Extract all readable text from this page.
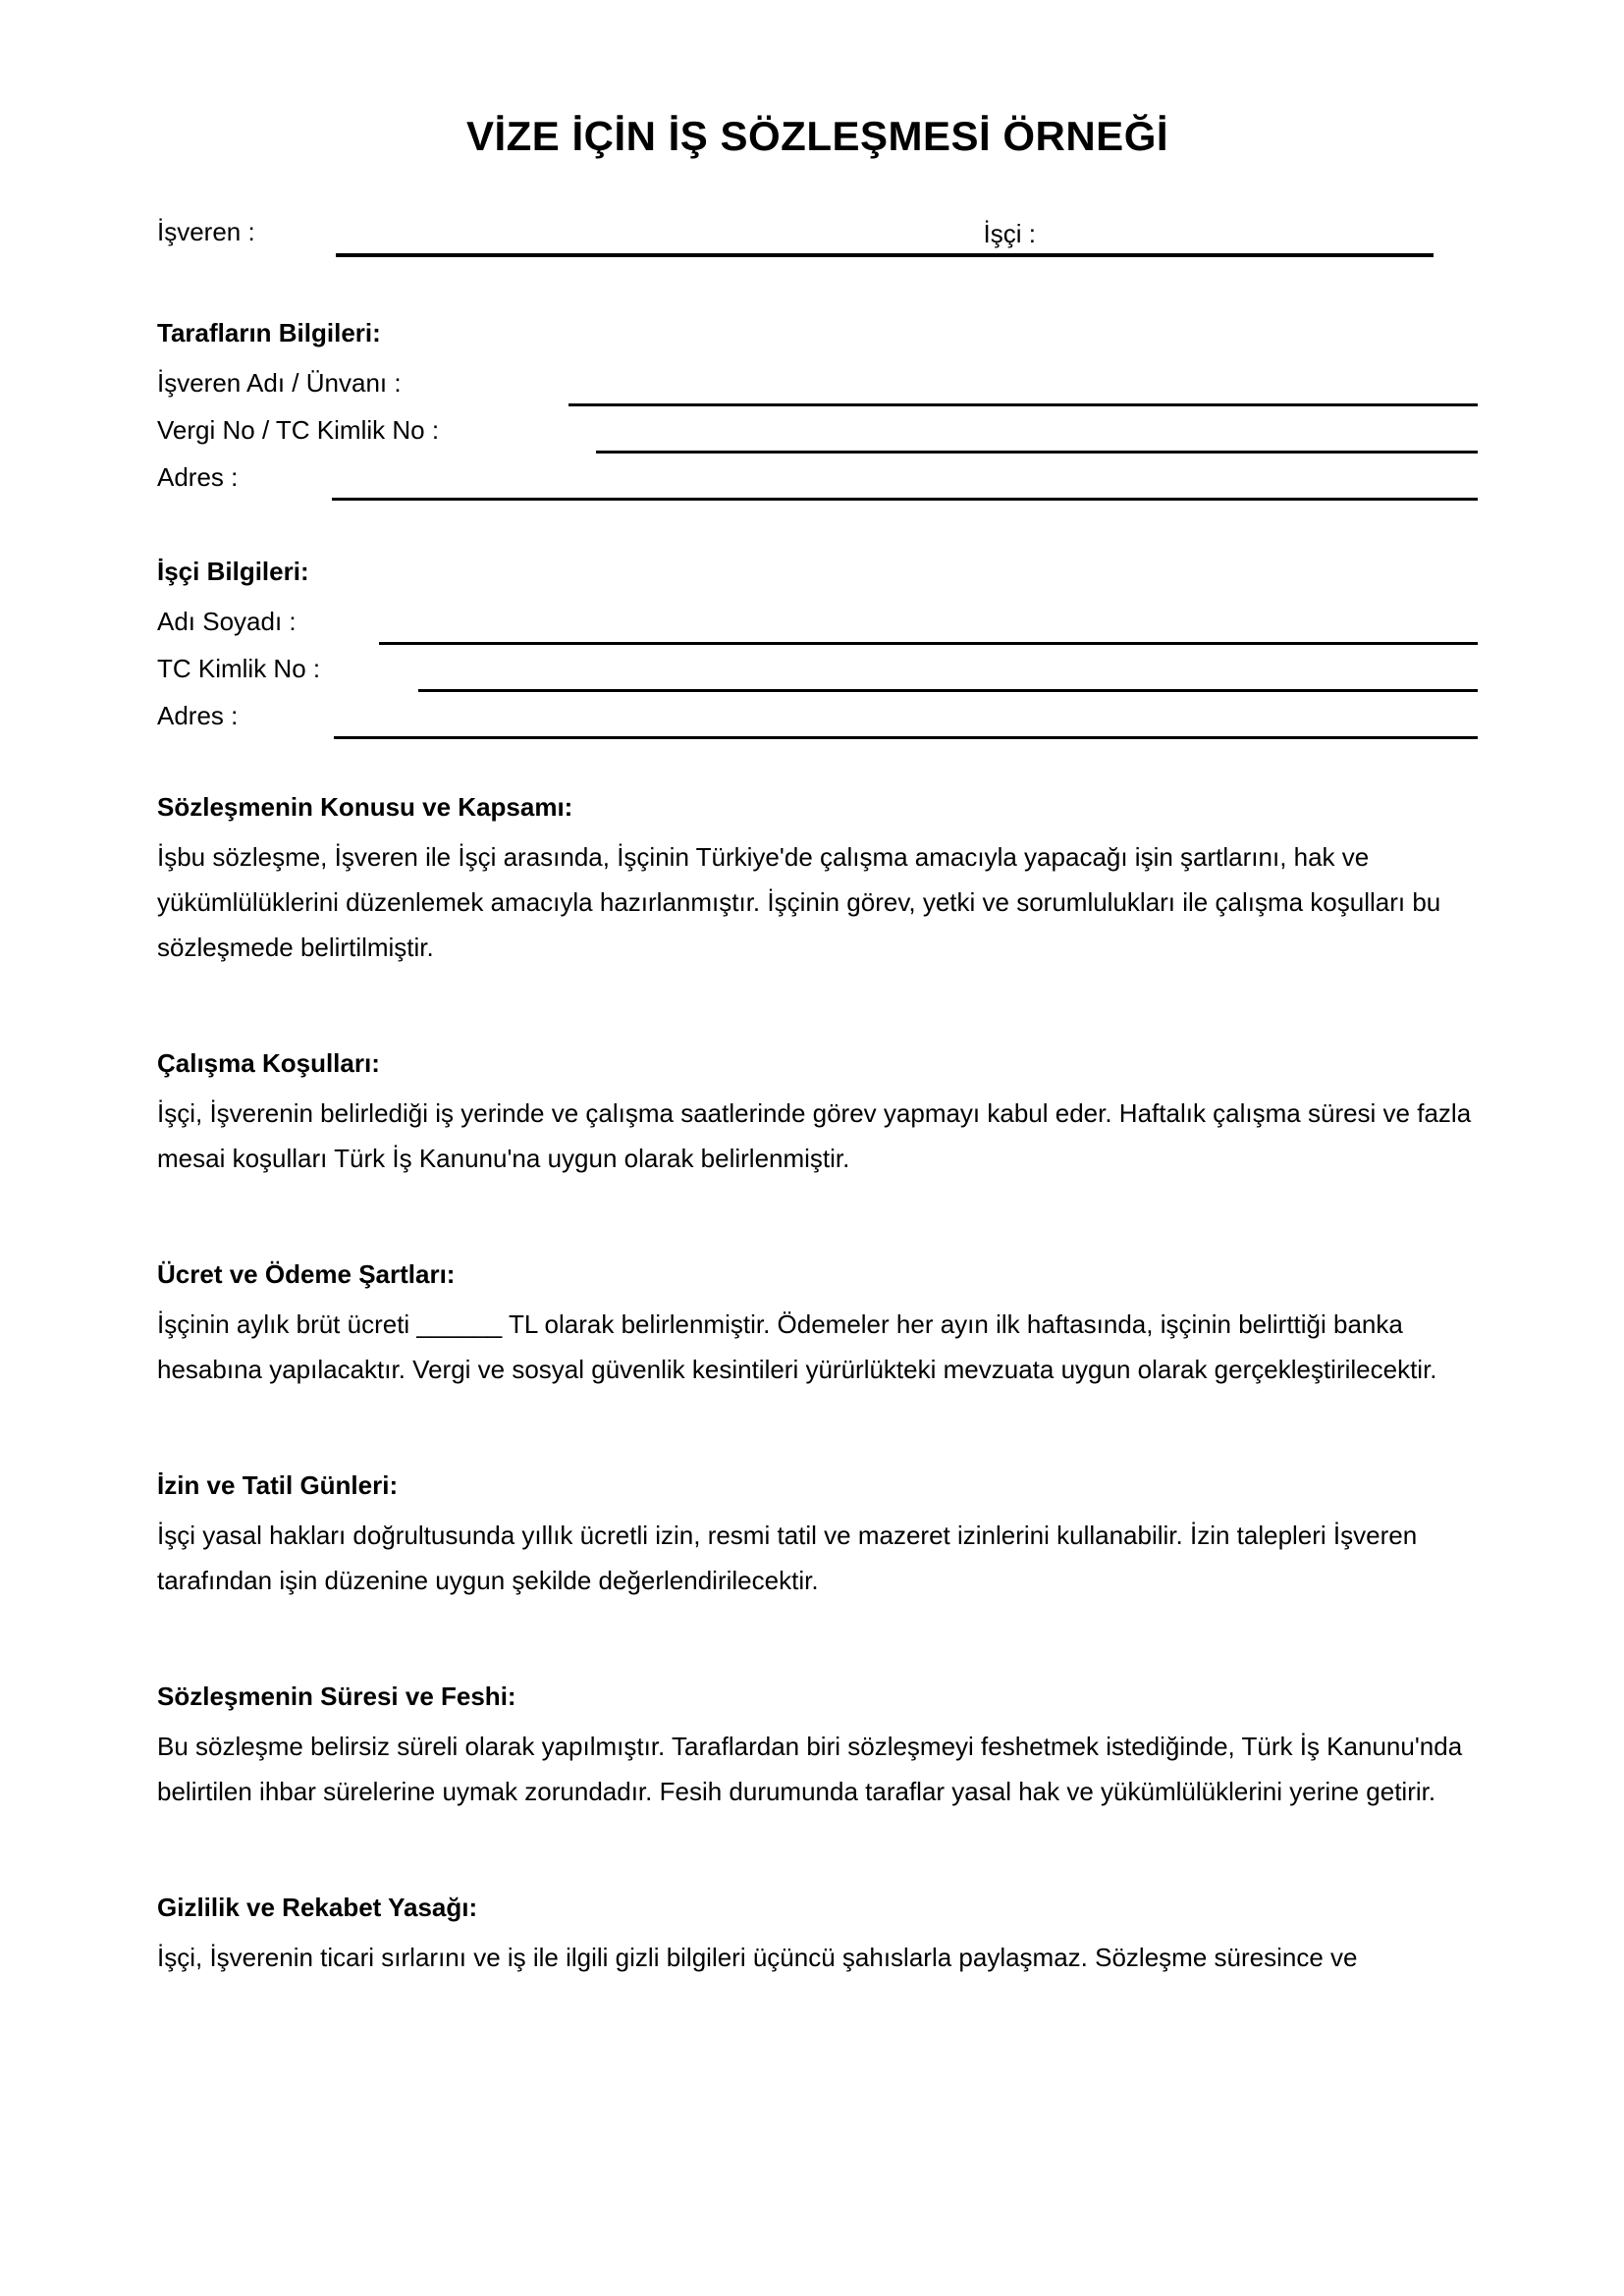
VİZE İÇİN İŞ SÖZLEŞMESİ ÖRNEĞİ
İşveren :	İşçi :
Tarafların Bilgileri:
İşveren Adı / Ünvanı :
Vergi No / TC Kimlik No :
Adres :
İşçi Bilgileri:
Adı Soyadı :
TC Kimlik No :
Adres :
Sözleşmenin Konusu ve Kapsamı:

İşbu sözleşme, İşveren ile İşçi arasında, İşçinin Türkiye'de çalışma amacıyla yapacağı işin şartlarını, hak ve yükümlülüklerini düzenlemek amacıyla hazırlanmıştır. İşçinin görev, yetki ve sorumlulukları ile çalışma koşulları bu sözleşmede belirtilmiştir.

Çalışma Koşulları:

İşçi, İşverenin belirlediği iş yerinde ve çalışma saatlerinde görev yapmayı kabul eder. Haftalık çalışma süresi ve fazla mesai koşulları Türk İş Kanunu'na uygun olarak belirlenmiştir.

Ücret ve Ödeme Şartları:

İşçinin aylık brüt ücreti ______ TL olarak belirlenmiştir. Ödemeler her ayın ilk haftasında, işçinin belirttiği banka hesabına yapılacaktır. Vergi ve sosyal güvenlik kesintileri yürürlükteki mevzuata uygun olarak gerçekleştirilecektir.

İzin ve Tatil Günleri:

İşçi yasal hakları doğrultusunda yıllık ücretli izin, resmi tatil ve mazeret izinlerini kullanabilir. İzin talepleri İşveren tarafından işin düzenine uygun şekilde değerlendirilecektir.

Sözleşmenin Süresi ve Feshi:

Bu sözleşme belirsiz süreli olarak yapılmıştır. Taraflardan biri sözleşmeyi feshetmek istediğinde, Türk İş Kanunu'nda belirtilen ihbar sürelerine uymak zorundadır. Fesih durumunda taraflar yasal hak ve yükümlülüklerini yerine getirir.

Gizlilik ve Rekabet Yasağı:

İşçi, İşverenin ticari sırlarını ve iş ile ilgili gizli bilgileri üçüncü şahıslarla paylaşmaz. Sözleşme süresince ve
